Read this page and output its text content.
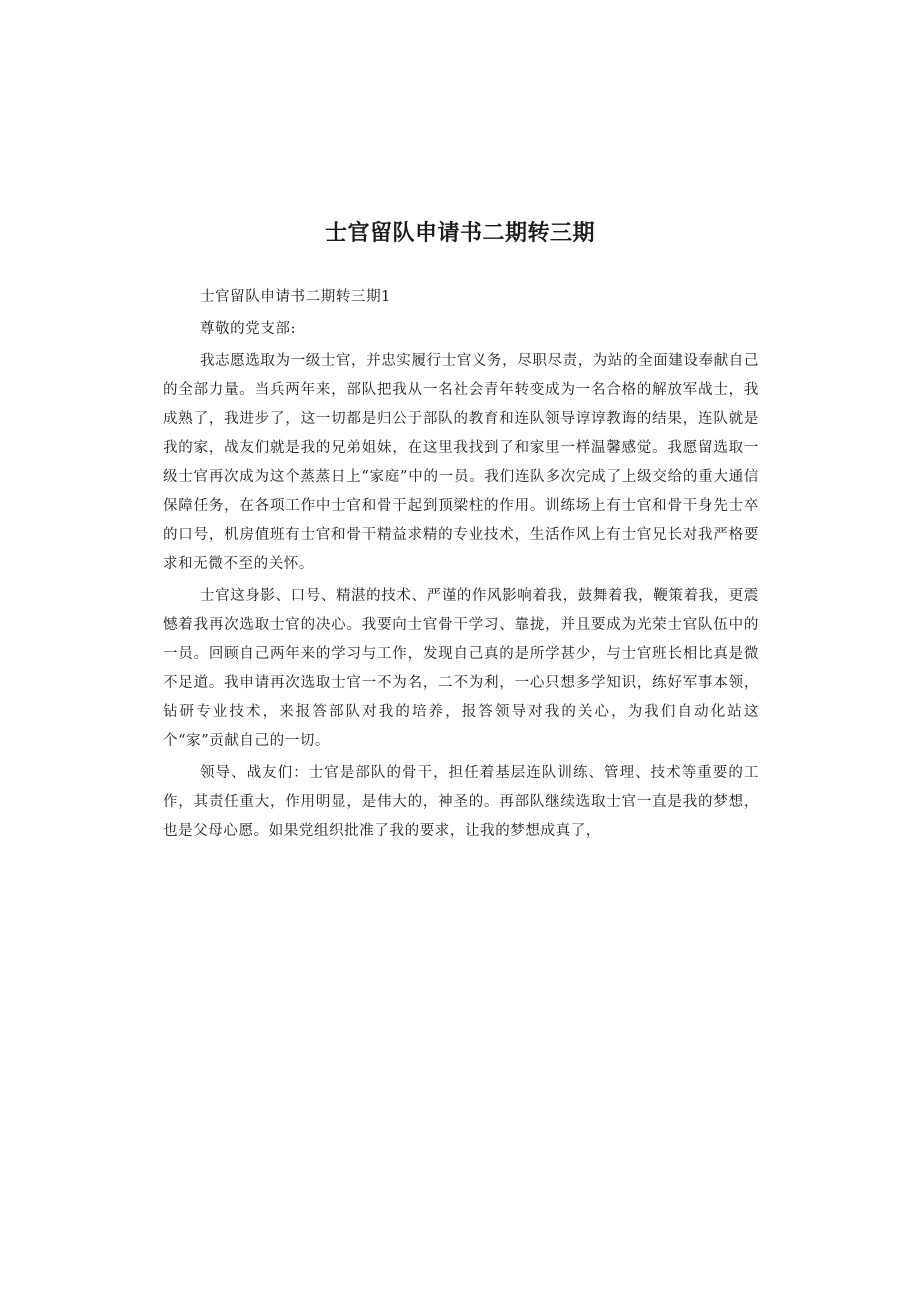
士官留队申请书二期转三期

士官留队申请书二期转三期1

尊敬的党支部:

我志愿选取为一级士官，并忠实履行士官义务，尽职尽责，为站的全面建设奉献自己的全部力量。当兵两年来，部队把我从一名社会青年转变成为一名合格的解放军战士，我成熟了，我进步了，这一切都是归公于部队的教育和连队领导谆谆教诲的结果，连队就是我的家，战友们就是我的兄弟姐妹，在这里我找到了和家里一样温馨感觉。我愿留选取一级士官再次成为这个蒸蒸日上“家庭”中的一员。我们连队多次完成了上级交给的重大通信保障任务，在各项工作中士官和骨干起到顶梁柱的作用。训练场上有士官和骨干身先士卒的口号，机房值班有士官和骨干精益求精的专业技术，生活作风上有士官兄长对我严格要求和无微不至的关怀。

士官这身影、口号、精湛的技术、严谨的作风影响着我，鼓舞着我，鞭策着我，更震憾着我再次选取士官的决心。我要向士官骨干学习、靠拢，并且要成为光荣士官队伍中的一员。回顾自己两年来的学习与工作，发现自己真的是所学甚少，与士官班长相比真是微不足道。我申请再次选取士官一不为名，二不为利，一心只想多学知识，练好军事本领，钻研专业技术，来报答部队对我的培养，报答领导对我的关心，为我们自动化站这个“家”贡献自己的一切。

领导、战友们：士官是部队的骨干，担任着基层连队训练、管理、技术等重要的工作，其责任重大，作用明显，是伟大的，神圣的。再部队继续选取士官一直是我的梦想，也是父母心愿。如果党组织批准了我的要求，让我的梦想成真了，
